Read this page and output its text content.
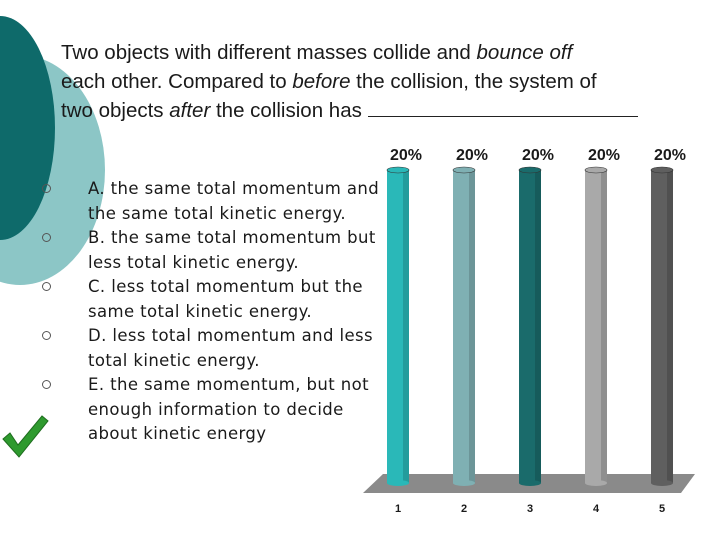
Two objects with different masses collide and bounce off
each other. Compared to before the collision, the system of
two objects after the collision has
A. the same total momentum and the same total kinetic energy.
B. the same total momentum but less total kinetic energy.
C. less total momentum but the same total kinetic energy.
D. less total momentum and less total kinetic energy.
E. the same momentum, but not enough information to decide about kinetic energy
20%
1
20%
2
20%
3
20%
4
20%
5
